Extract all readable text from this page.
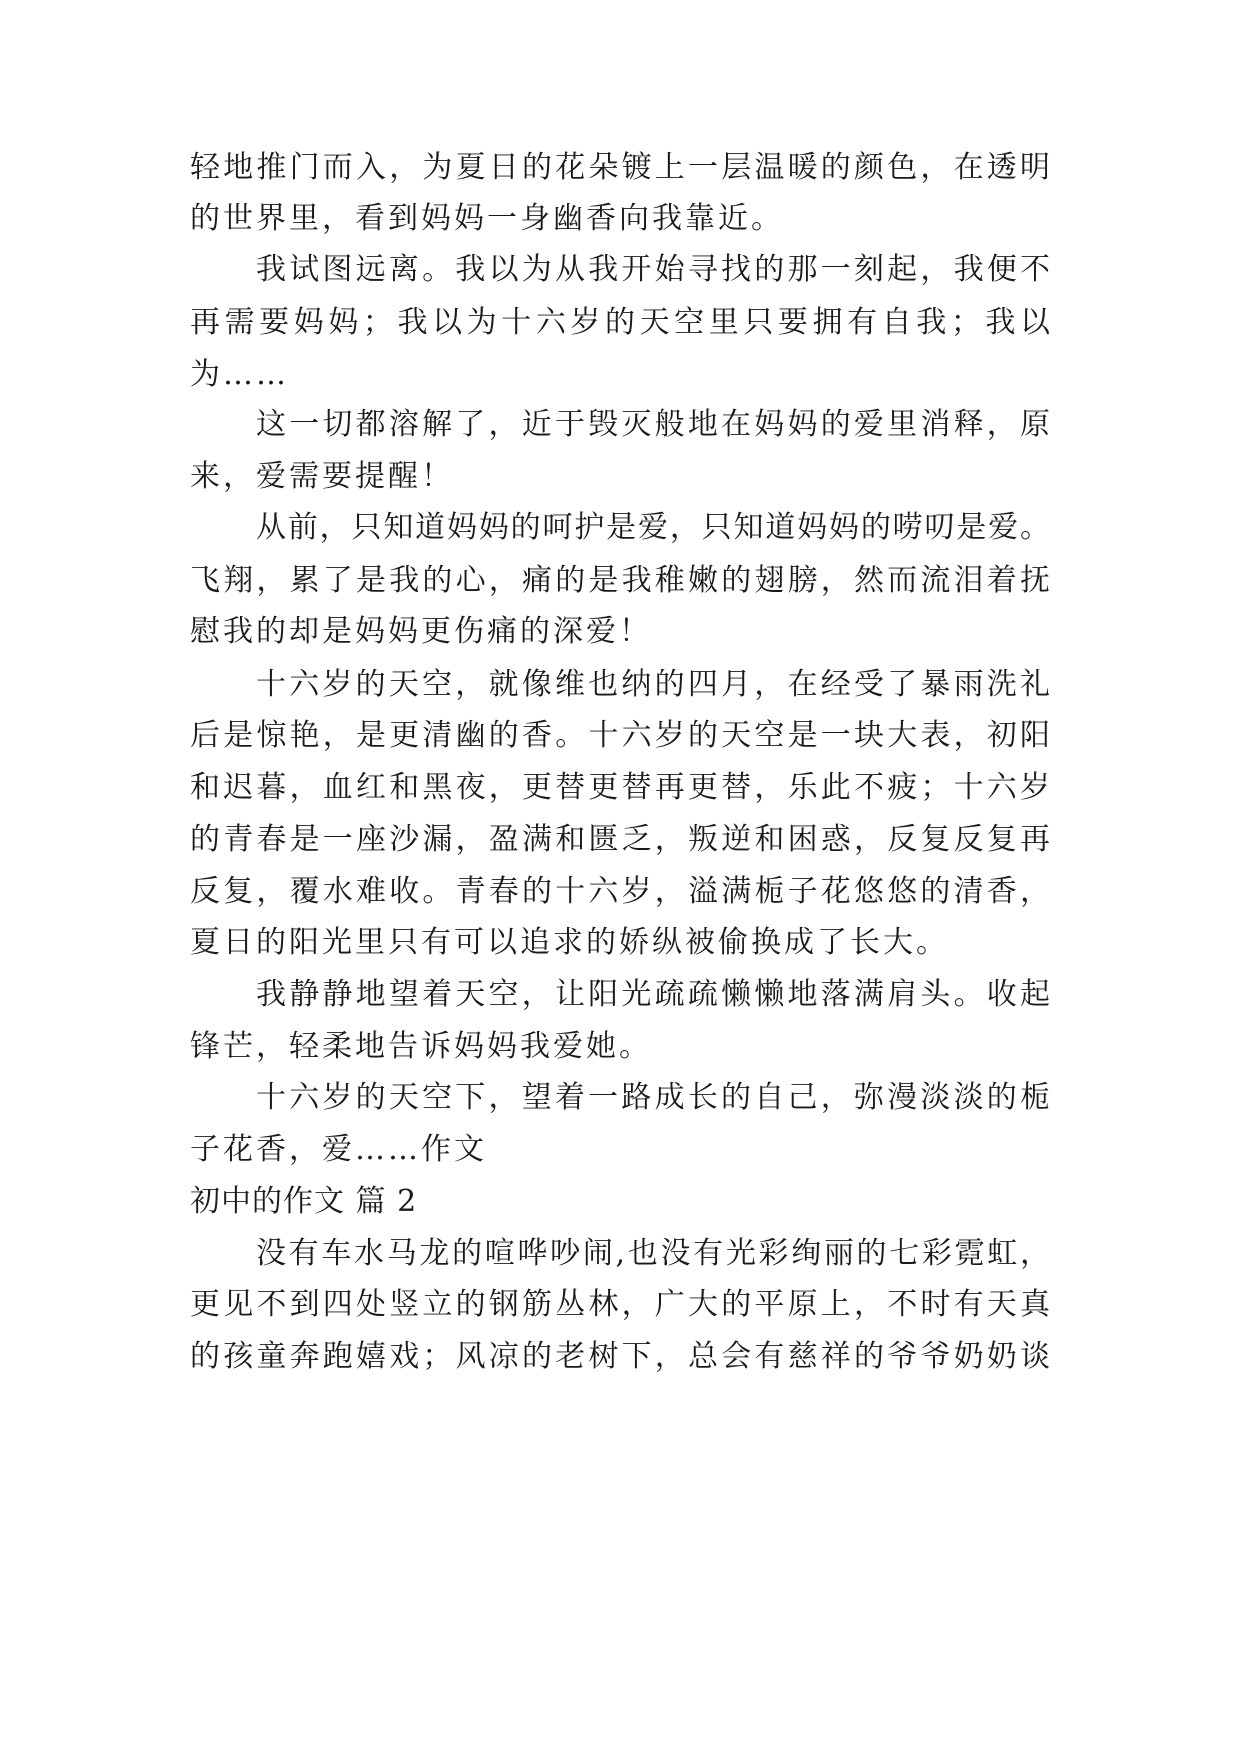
轻地推门而入，为夏日的花朵镀上一层温暖的颜色，在透明
的世界里，看到妈妈一身幽香向我靠近。
我试图远离。我以为从我开始寻找的那一刻起，我便不
再需要妈妈；我以为十六岁的天空里只要拥有自我；我以
为……
这一切都溶解了，近于毁灭般地在妈妈的爱里消释，原
来，爱需要提醒！
从前，只知道妈妈的呵护是爱，只知道妈妈的唠叨是爱。
飞翔，累了是我的心，痛的是我稚嫩的翅膀，然而流泪着抚
慰我的却是妈妈更伤痛的深爱！
十六岁的天空，就像维也纳的四月，在经受了暴雨洗礼
后是惊艳，是更清幽的香。十六岁的天空是一块大表，初阳
和迟暮，血红和黑夜，更替更替再更替，乐此不疲；十六岁
的青春是一座沙漏，盈满和匮乏，叛逆和困惑，反复反复再
反复，覆水难收。青春的十六岁，溢满栀子花悠悠的清香，
夏日的阳光里只有可以追求的娇纵被偷换成了长大。
我静静地望着天空，让阳光疏疏懒懒地落满肩头。收起
锋芒，轻柔地告诉妈妈我爱她。
十六岁的天空下，望着一路成长的自己，弥漫淡淡的栀
子花香，爱……作文
初中的作文 篇 2
没有车水马龙的喧哗吵闹,也没有光彩绚丽的七彩霓虹，
更见不到四处竖立的钢筋丛林，广大的平原上，不时有天真
的孩童奔跑嬉戏；风凉的老树下，总会有慈祥的爷爷奶奶谈
